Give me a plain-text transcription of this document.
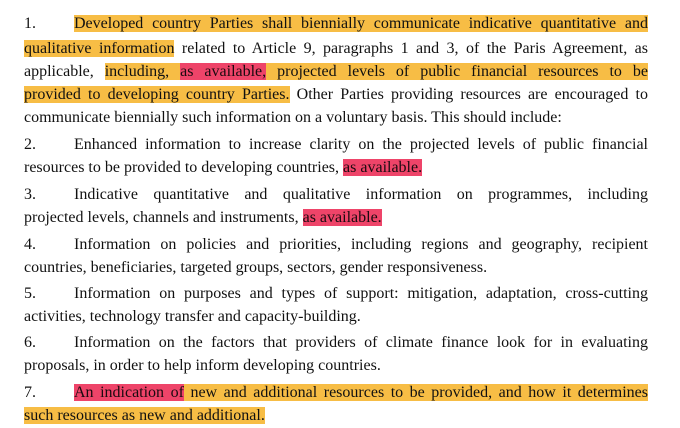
1. Developed country Parties shall biennially communicate indicative quantitative and
qualitative information related to Article 9, paragraphs 1 and 3, of the Paris Agreement, as
applicable, including, as available, projected levels of public financial resources to be
provided to developing country Parties. Other Parties providing resources are encouraged to
communicate biennially such information on a voluntary basis. This should include:
2. Enhanced information to increase clarity on the projected levels of public financial
resources to be provided to developing countries, as available.
3. Indicative quantitative and qualitative information on programmes, including
projected levels, channels and instruments, as available.
4. Information on policies and priorities, including regions and geography, recipient
countries, beneficiaries, targeted groups, sectors, gender responsiveness.
5. Information on purposes and types of support: mitigation, adaptation, cross-cutting
activities, technology transfer and capacity-building.
6. Information on the factors that providers of climate finance look for in evaluating
proposals, in order to help inform developing countries.
7. An indication of new and additional resources to be provided, and how it determines
such resources as new and additional.
